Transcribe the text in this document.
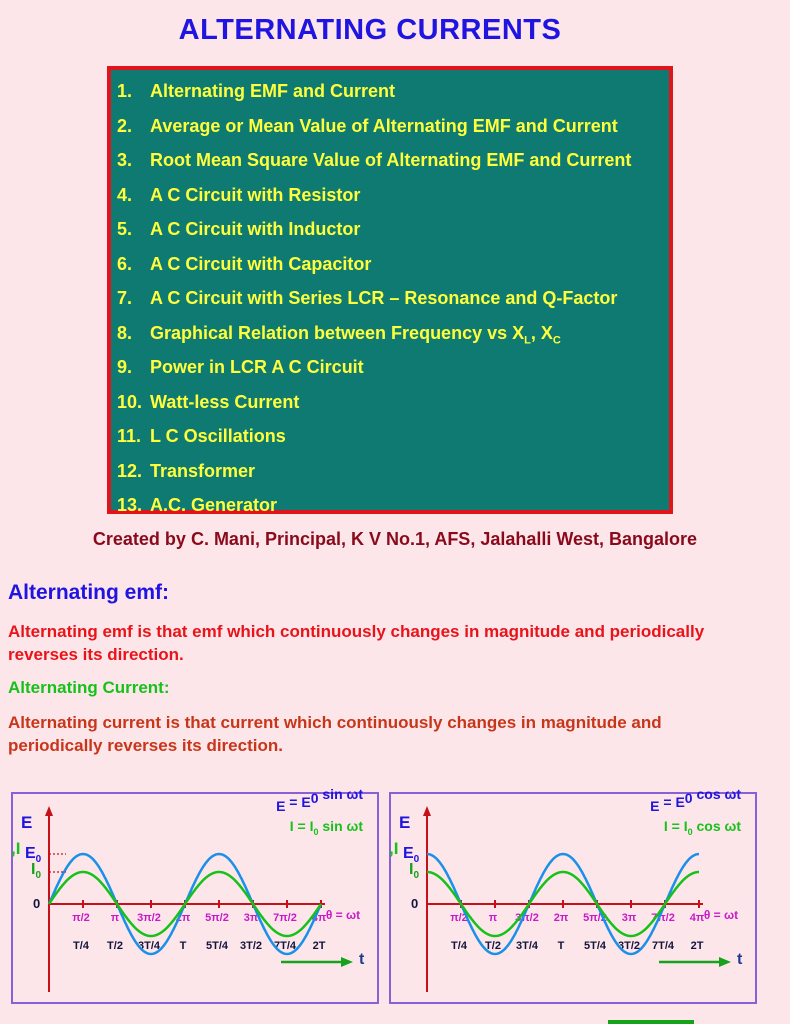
ALTERNATING CURRENTS
1. Alternating EMF and Current
2. Average or Mean Value of Alternating EMF and Current
3. Root Mean Square Value of Alternating EMF and Current
4. A C Circuit with Resistor
5. A C Circuit with Inductor
6. A C Circuit with Capacitor
7. A C Circuit with Series LCR – Resonance and Q-Factor
8. Graphical Relation between Frequency vs $X_L$, $X_C$
9. Power in LCR A C Circuit
10. Watt-less Current
11. L C Oscillations
12. Transformer
13. A.C. Generator
Created by C. Mani, Principal, K V No.1, AFS, Jalahalli West, Bangalore
Alternating emf:
Alternating emf is that emf which continuously changes in magnitude and periodically reverses its direction.
Alternating Current:
Alternating current is that current which continuously changes in magnitude and periodically reverses its direction.
π/2
T/4
π
T/2
3π/2
3T/4
2π
T
5π/2
5T/4
3π
3T/2
7π/2
7T/4
4π
2T
E
,I $E_0$
$I_0$
0
θ = ωt
t
E = E0 sin ωt
$I = I_0$ sin ωt
π/2
T/4
π
T/2
3π/2
3T/4
2π
T
5π/2
5T/4
3π
3T/2
7π/2
7T/4
4π
2T
E
,I $E_0$
$I_0$
0
θ = ωt
t
E = E0 cos ωt
$I = I_0$ cos ωt
